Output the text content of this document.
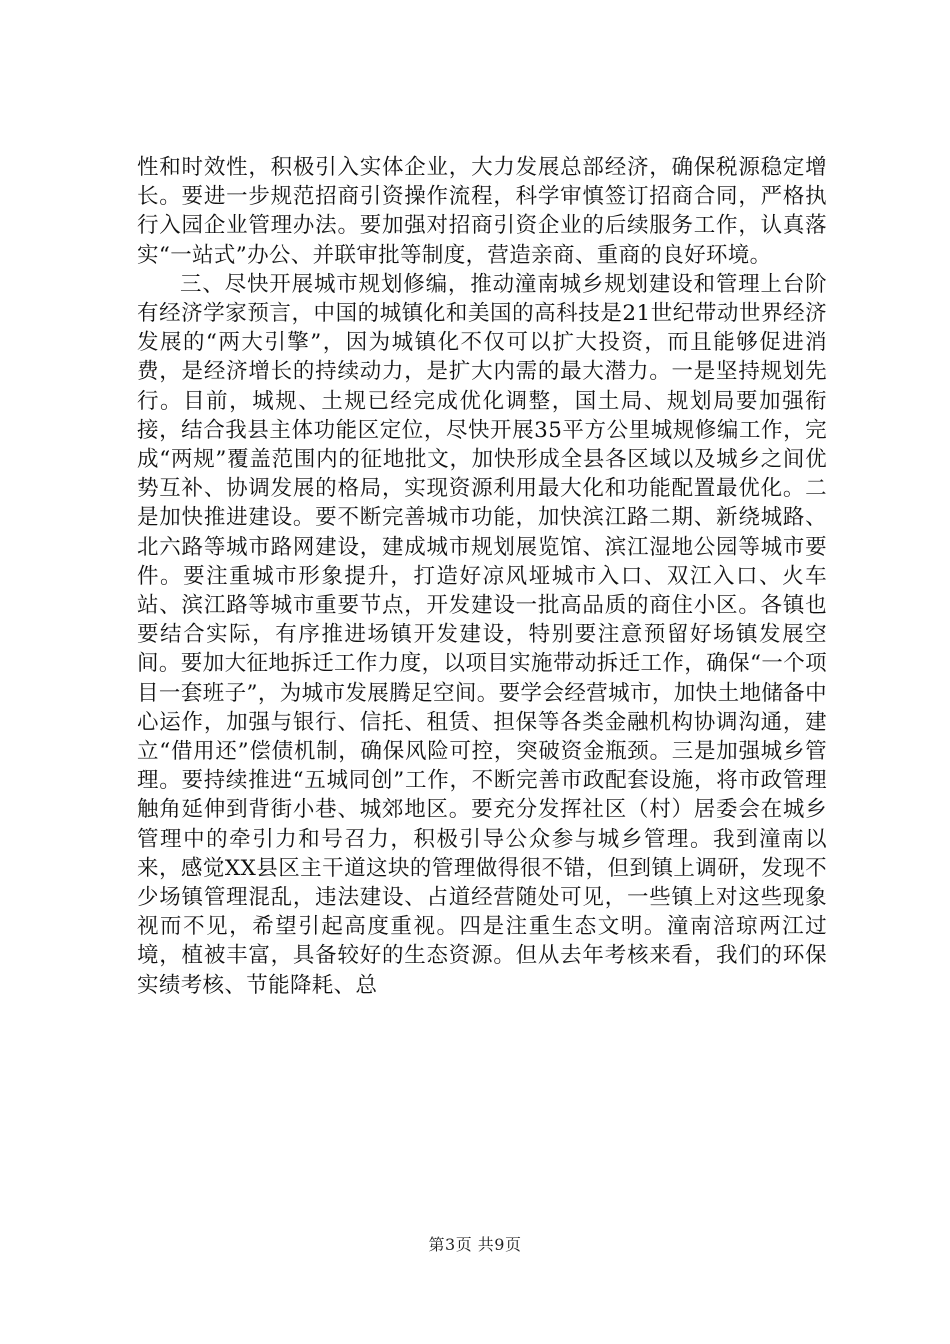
性和时效性，积极引入实体企业，大力发展总部经济，确保税源稳定增长。要进一步规范招商引资操作流程，科学审慎签订招商合同，严格执行入园企业管理办法。要加强对招商引资企业的后续服务工作，认真落实“一站式”办公、并联审批等制度，营造亲商、重商的良好环境。

三、尽快开展城市规划修编，推动潼南城乡规划建设和管理上台阶有经济学家预言，中国的城镇化和美国的高科技是21世纪带动世界经济发展的“两大引擎”，因为城镇化不仅可以扩大投资，而且能够促进消费，是经济增长的持续动力，是扩大内需的最大潜力。一是坚持规划先行。目前，城规、土规已经完成优化调整，国土局、规划局要加强衔接，结合我县主体功能区定位，尽快开展35平方公里城规修编工作，完成“两规”覆盖范围内的征地批文，加快形成全县各区域以及城乡之间优势互补、协调发展的格局，实现资源利用最大化和功能配置最优化。二是加快推进建设。要不断完善城市功能，加快滨江路二期、新绕城路、北六路等城市路网建设，建成城市规划展览馆、滨江湿地公园等城市要件。要注重城市形象提升，打造好凉风垭城市入口、双江入口、火车站、滨江路等城市重要节点，开发建设一批高品质的商住小区。各镇也要结合实际，有序推进场镇开发建设，特别要注意预留好场镇发展空间。要加大征地拆迁工作力度，以项目实施带动拆迁工作，确保“一个项目一套班子”，为城市发展腾足空间。要学会经营城市，加快土地储备中心运作，加强与银行、信托、租赁、担保等各类金融机构协调沟通，建立“借用还”偿债机制，确保风险可控，突破资金瓶颈。三是加强城乡管理。要持续推进“五城同创”工作，不断完善市政配套设施，将市政管理触角延伸到背街小巷、城郊地区。要充分发挥社区（村）居委会在城乡管理中的牵引力和号召力，积极引导公众参与城乡管理。我到潼南以来，感觉XX县区主干道这块的管理做得很不错，但到镇上调研，发现不少场镇管理混乱，违法建设、占道经营随处可见，一些镇上对这些现象视而不见，希望引起高度重视。四是注重生态文明。潼南涪琼两江过境，植被丰富，具备较好的生态资源。但从去年考核来看，我们的环保实绩考核、节能降耗、总

第3页 共9页
